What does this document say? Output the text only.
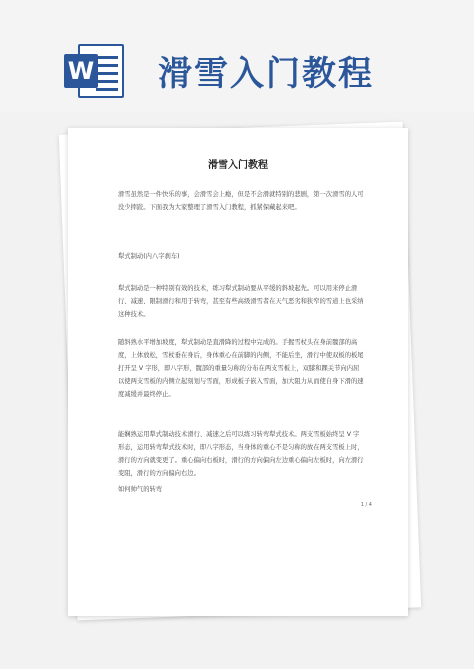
W 滑雪入门教程
滑雪入门教程
滑雪虽然是一件快乐的事，会滑雪会上瘾，但是不会滑就特别的悲剧，第一次滑雪的人可没少摔跤。下面我为大家整理了滑雪入门教程，抓紧保藏起来吧。
犁式制动(内八字刹车)
犁式制动是一种特别有效的技术，练习犁式制动要从平缓的斜坡起先。可以用来停止滑行、减速、限制滑行和用于转弯，甚至有些高级滑雪者在天气恶劣和狭窄的雪道上也采纳这种技术。
随斜熟水平增加坡度，犁式制动是直滑降的过程中完成的。手握雪杖头在身前髋部的高度，上体放松，雪杖垂在身后，身体重心在前脚的内侧，不能后坐，滑行中使双板的板尾打开呈 V 字形，即八字形，髋部的重量匀称的分布在两支雪板上，双膝和踝关节向内屈以使两支雪板的内侧立起刻划与雪面，形成板子嵌入雪面，加大阻力从而使自身下滑的速度减缓并最终停止。
能娴熟运用犁式制动技术滑行、减速之后可以练习转弯犁式技术。两支雪板始终呈 V 字形态，运用转弯犁式技术时，即八字形态，当身体的重心不是匀称的放在两支雪板上时，滑行的方向就变更了。重心偏向右板时，滑行的方向偏向左边重心偏向左板时，向左滑行变阻，滑行的方向偏向右边。
如何帅气的转弯
1 / 4
